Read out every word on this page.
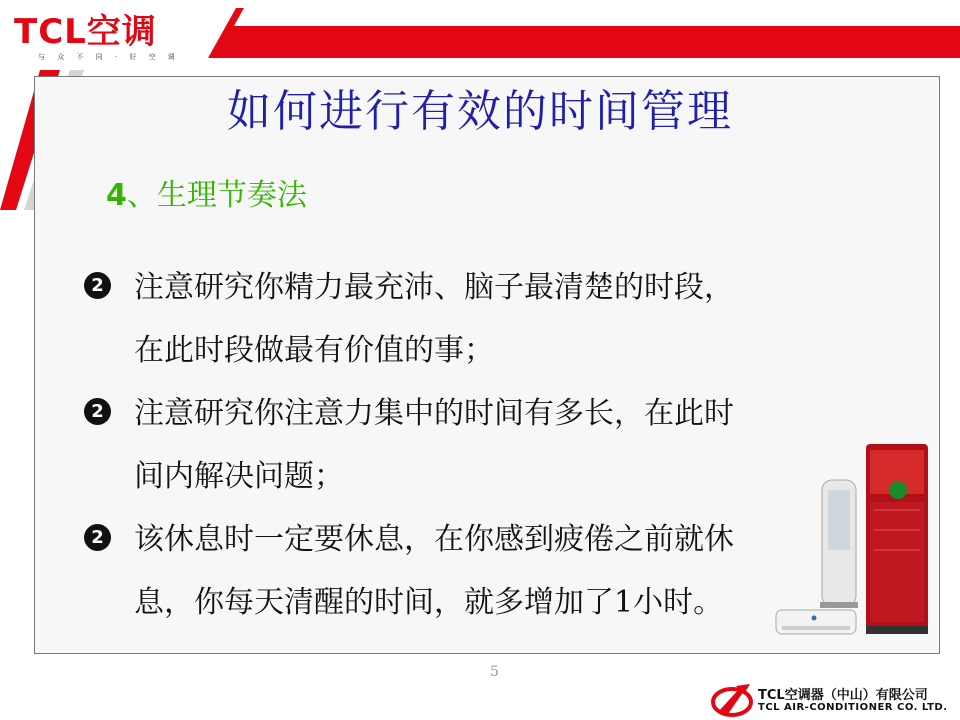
TCL空调
与 众 不 同 · 好 空 调
如何进行有效的时间管理
4、生理节奏法
2 注意研究你精力最充沛、脑子最清楚的时段，
在此时段做最有价值的事；
2 注意研究你注意力集中的时间有多长，在此时
间内解决问题；
2 该休息时一定要休息，在你感到疲倦之前就休
息，你每天清醒的时间，就多增加了1小时。
5
TCL空调器（中山）有限公司
TCL AIR-CONDITIONER CO. LTD.
